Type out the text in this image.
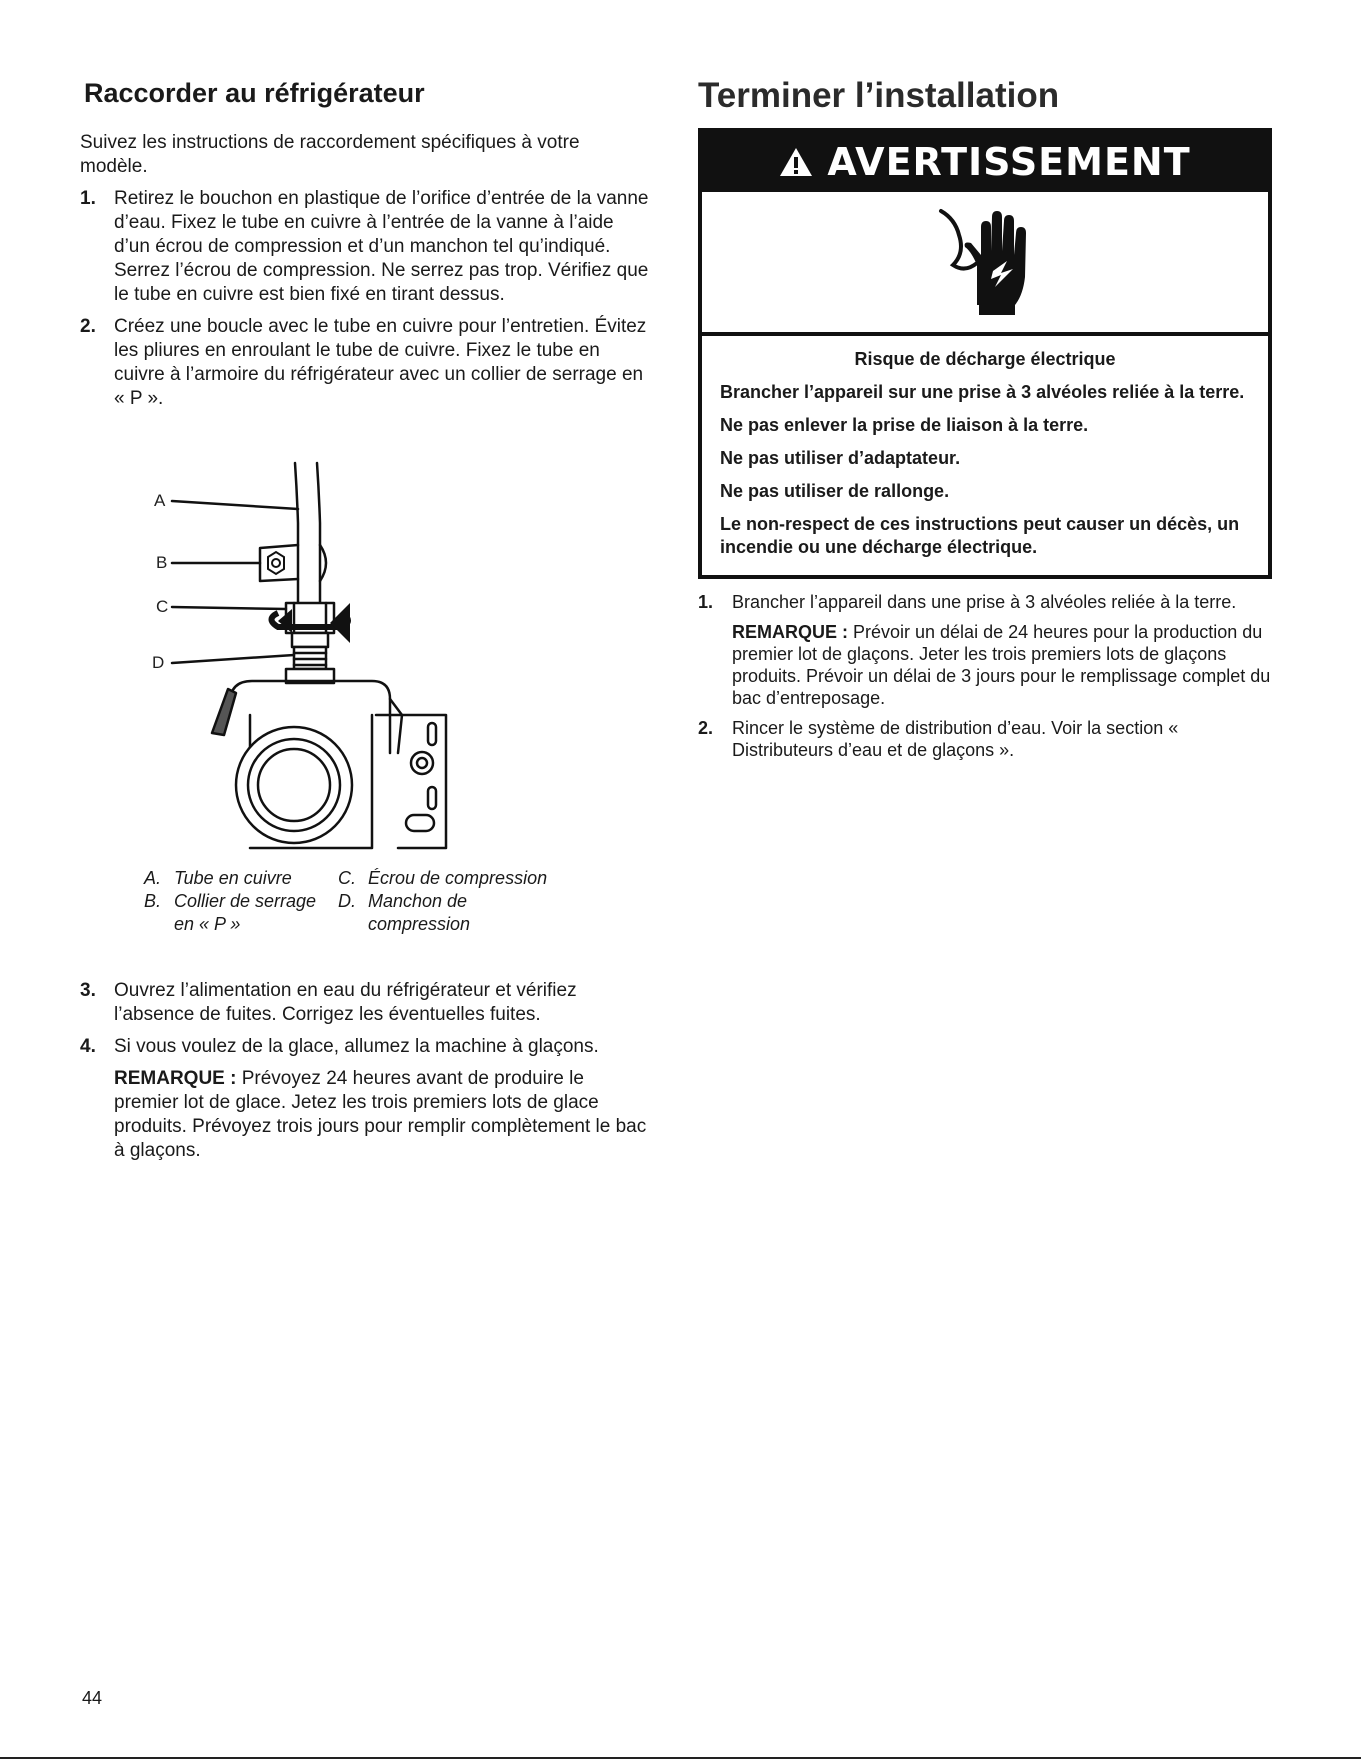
Raccorder au réfrigérateur

Suivez les instructions de raccordement spécifiques à votre modèle.

1. Retirez le bouchon en plastique de l’orifice d’entrée de la vanne d’eau. Fixez le tube en cuivre à l’entrée de la vanne à l’aide d’un écrou de compression et d’un manchon tel qu’indiqué. Serrez l’écrou de compression. Ne serrez pas trop. Vérifiez que le tube en cuivre est bien fixé en tirant dessus.

2. Créez une boucle avec le tube en cuivre pour l’entretien. Évitez les pliures en enroulant le tube de cuivre. Fixez le tube en cuivre à l’armoire du réfrigérateur avec un collier de serrage en « P ».

A
B
C
D
A. Tube en cuivre
B. Collier de serrage
en « P »
C. Écrou de compression
D. Manchon de
compression
3. Ouvrez l’alimentation en eau du réfrigérateur et vérifiez l’absence de fuites. Corrigez les éventuelles fuites.

4. Si vous voulez de la glace, allumez la machine à glaçons.

REMARQUE : Prévoyez 24 heures avant de produire le premier lot de glace. Jetez les trois premiers lots de glace produits. Prévoyez trois jours pour remplir complètement le bac à glaçons.

Terminer l’installation
AVERTISSEMENT

Risque de décharge électrique

Brancher l’appareil sur une prise à 3 alvéoles reliée à la terre.

Ne pas enlever la prise de liaison à la terre.

Ne pas utiliser d’adaptateur.

Ne pas utiliser de rallonge.

Le non-respect de ces instructions peut causer un décès, un incendie ou une décharge électrique.

1. Brancher l’appareil dans une prise à 3 alvéoles reliée à la terre.

REMARQUE : Prévoir un délai de 24 heures pour la production du premier lot de glaçons. Jeter les trois premiers lots de glaçons produits. Prévoir un délai de 3 jours pour le remplissage complet du bac d’entreposage.

2. Rincer le système de distribution d’eau. Voir la section « Distributeurs d’eau et de glaçons ».

44
